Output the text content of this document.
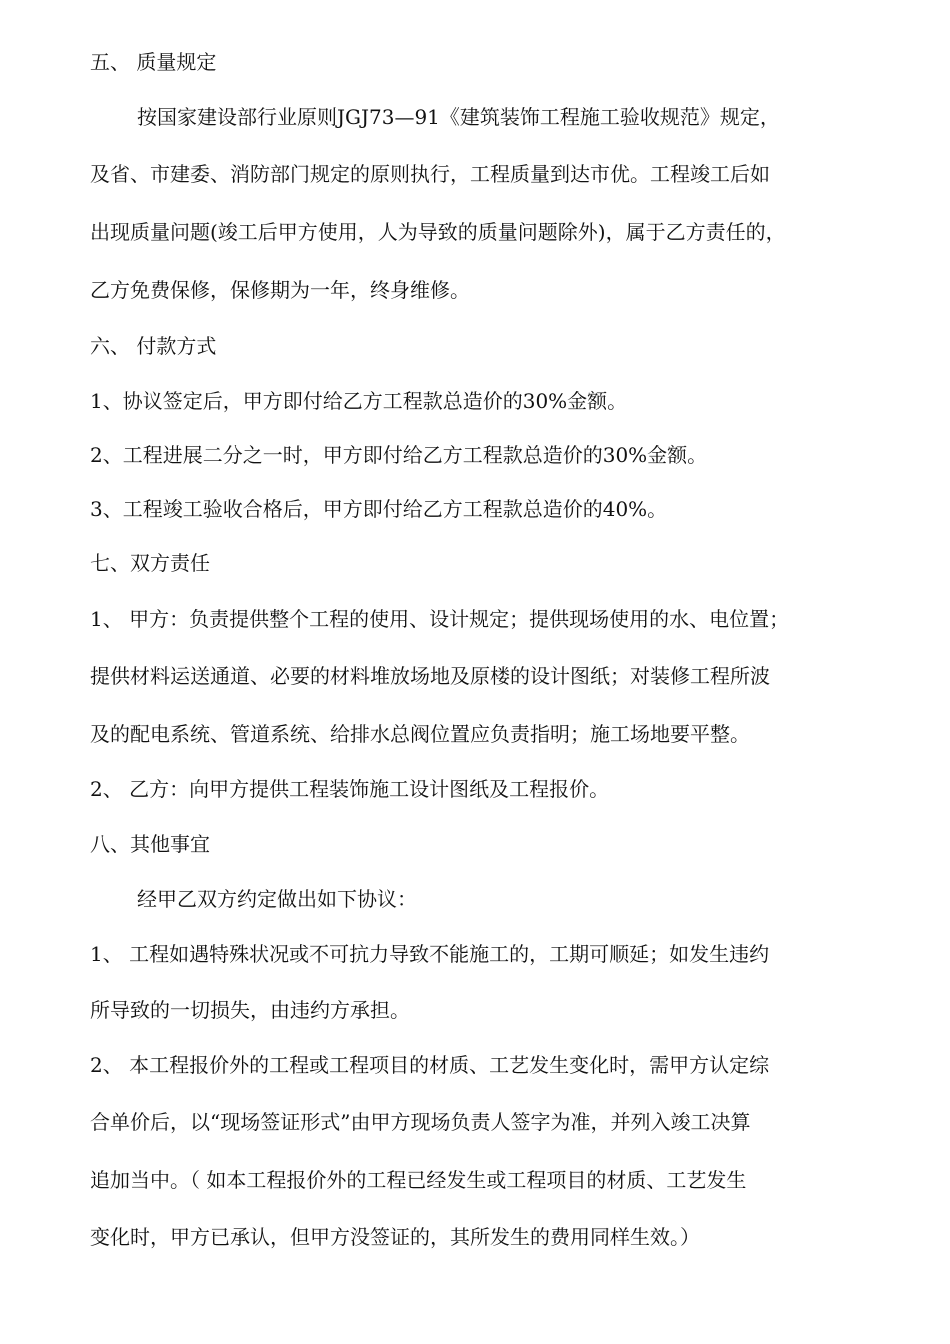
五、 质量规定
按国家建设部行业原则JGJ73—91《建筑装饰工程施工验收规范》规定，
及省、市建委、消防部门规定的原则执行，工程质量到达市优。工程竣工后如
出现质量问题(竣工后甲方使用，人为导致的质量问题除外)，属于乙方责任的，
乙方免费保修，保修期为一年，终身维修。
六、 付款方式
1、协议签定后，甲方即付给乙方工程款总造价的30%金额。
2、工程进展二分之一时，甲方即付给乙方工程款总造价的30%金额。
3、工程竣工验收合格后，甲方即付给乙方工程款总造价的40%。
七、双方责任
1、 甲方：负责提供整个工程的使用、设计规定；提供现场使用的水、电位置；
提供材料运送通道、必要的材料堆放场地及原楼的设计图纸；对装修工程所波
及的配电系统、管道系统、给排水总阀位置应负责指明；施工场地要平整。
2、 乙方：向甲方提供工程装饰施工设计图纸及工程报价。
八、其他事宜
经甲乙双方约定做出如下协议：
1、 工程如遇特殊状况或不可抗力导致不能施工的，工期可顺延；如发生违约
所导致的一切损失，由违约方承担。
2、 本工程报价外的工程或工程项目的材质、工艺发生变化时，需甲方认定综
合单价后，以“现场签证形式”由甲方现场负责人签字为准，并列入竣工决算
追加当中。（ 如本工程报价外的工程已经发生或工程项目的材质、工艺发生
变化时，甲方已承认，但甲方没签证的，其所发生的费用同样生效。）
